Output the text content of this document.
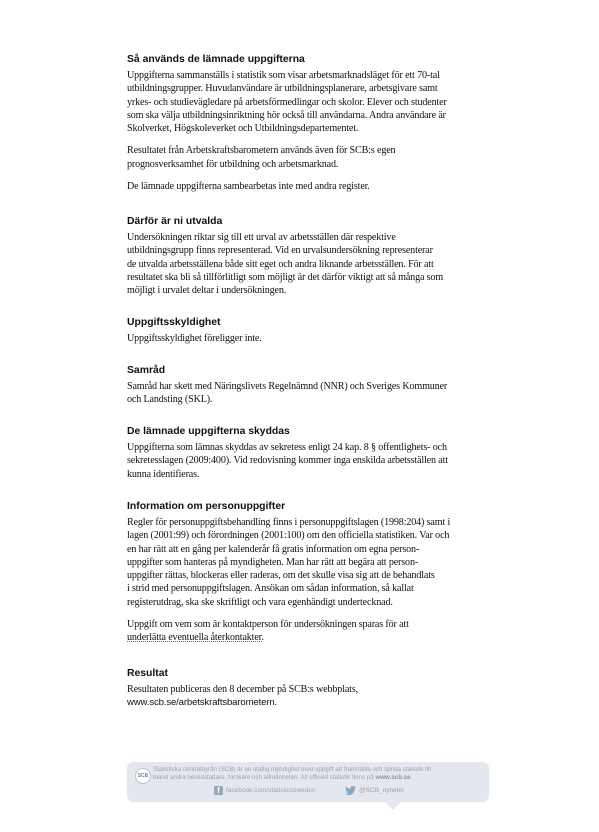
Så används de lämnade uppgifterna

Uppgifterna sammanställs i statistik som visar arbetsmarknadsläget för ett 70-tal
utbildningsgrupper. Huvudanvändare är utbildningsplanerare, arbetsgivare samt
yrkes- och studievägledare på arbetsförmedlingar och skolor. Elever och studenter
som ska välja utbildningsinriktning hör också till användarna. Andra användare är
Skolverket, Högskoleverket och Utbildningsdepartementet.

Resultatet från Arbetskraftsbarometern används även för SCB:s egen
prognosverksamhet för utbildning och arbetsmarknad.

De lämnade uppgifterna sambearbetas inte med andra register.

Därför är ni utvalda

Undersökningen riktar sig till ett urval av arbetsställen där respektive
utbildningsgrupp finns representerad. Vid en urvalsundersökning representerar
de utvalda arbetsställena både sitt eget och andra liknande arbetsställen. För att
resultatet ska bli så tillförlitligt som möjligt är det därför viktigt att så många som
möjligt i urvalet deltar i undersökningen.

Uppgiftsskyldighet

Uppgiftsskyldighet föreligger inte.

Samråd

Samråd har skett med Näringslivets Regelnämnd (NNR) och Sveriges Kommuner
och Landsting (SKL).

De lämnade uppgifterna skyddas

Uppgifterna som lämnas skyddas av sekretess enligt 24 kap. 8 § offentlighets- och
sekretesslagen (2009:400). Vid redovisning kommer inga enskilda arbetsställen att
kunna identifieras.

Information om personuppgifter

Regler för personuppgiftsbehandling finns i personuppgiftslagen (1998:204) samt i
lagen (2001:99) och förordningen (2001:100) om den officiella statistiken. Var och
en har rätt att en gång per kalenderår få gratis information om egna person-
uppgifter som hanteras på myndigheten. Man har rätt att begära att person-
uppgifter rättas, blockeras eller raderas, om det skulle visa sig att de behandlats
i strid med personuppgiftslagen. Ansökan om sådan information, så kallat
registerutdrag, ska ske skriftligt och vara egenhändigt undertecknad.

Uppgift om vem som är kontaktperson för undersökningen sparas för att
underlätta eventuella återkontakter.

Resultat

Resultaten publiceras den 8 december på SCB:s webbplats,
www.scb.se/arbetskraftsbarometern.

SCB
Statistiska centralbyrån (SCB) är en statlig myndighet med uppgift att framställa och sprida statistik till
bland andra beslutsfattare, forskare och allmänheten. All officiell statistik finns på www.scb.se.
f facebook.com/statisticssweden	@SCB_nyheter
